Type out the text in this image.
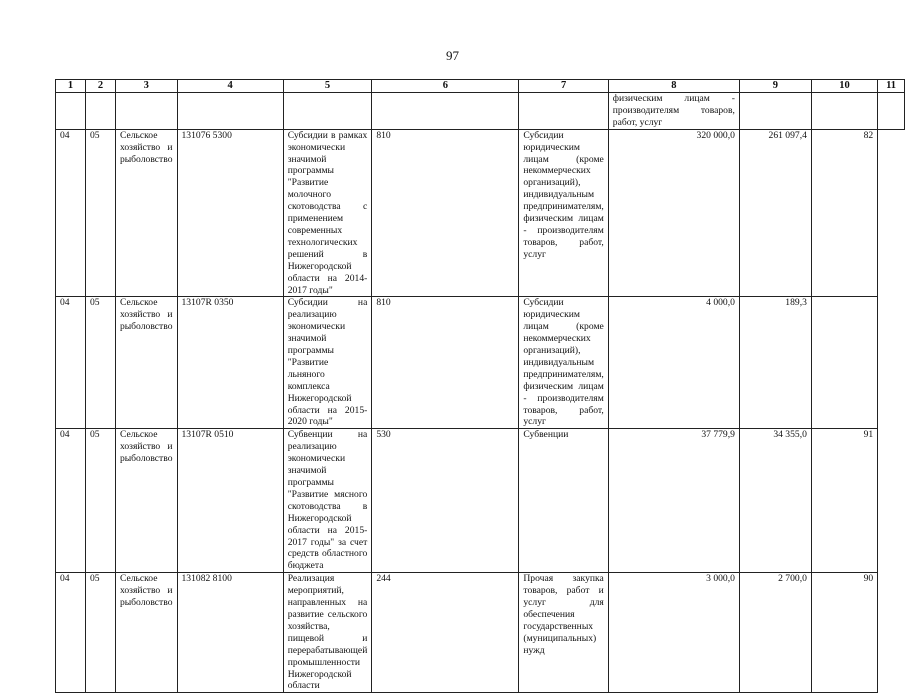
97
1	2	3	4	5	6	7	8	9	10	11
							физическим лицам - производителям товаров, работ, услуг			
04	05	Сельское хозяйство и рыболовство	131076 5300	Субсидии в рамках экономически значимой программы "Развитие молочного скотоводства с применением современных технологических решений в Нижегородской области на 2014-2017 годы"	810	Субсидии юридическим лицам (кроме некоммерческих организаций), индивидуальным предпринимателям, физическим лицам - производителям товаров, работ, услуг	320 000,0	261 097,4	82	
04	05	Сельское хозяйство и рыболовство	13107R 0350	Субсидии на реализацию экономически значимой программы "Развитие льняного комплекса Нижегородской области на 2015-2020 годы"	810	Субсидии юридическим лицам (кроме некоммерческих организаций), индивидуальным предпринимателям, физическим лицам - производителям товаров, работ, услуг	4 000,0	189,3		
04	05	Сельское хозяйство и рыболовство	13107R 0510	Субвенции на реализацию экономически значимой программы "Развитие мясного скотоводства в Нижегородской области на 2015-2017 годы" за счет средств областного бюджета	530	Субвенции	37 779,9	34 355,0	91	
04	05	Сельское хозяйство и рыболовство	131082 8100	Реализация мероприятий, направленных на развитие сельского хозяйства, пищевой и перерабатывающей промышленности Нижегородской области	244	Прочая закупка товаров, работ и услуг для обеспечения государственных (муниципальных) нужд	3 000,0	2 700,0	90	
